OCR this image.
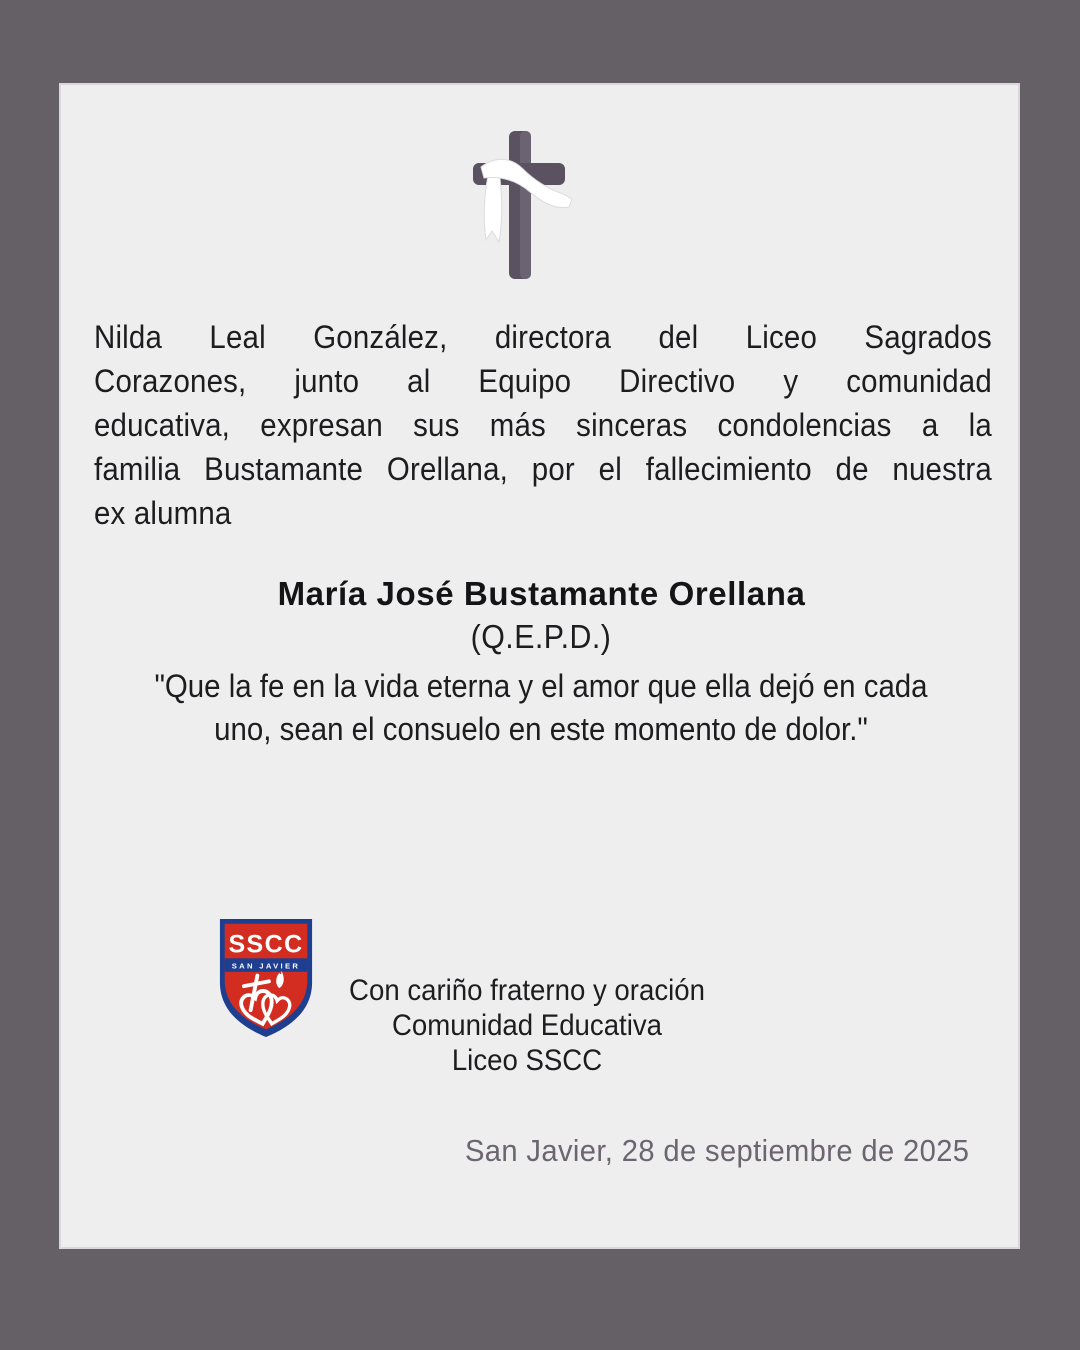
Nilda Leal González, directora del Liceo Sagrados
Corazones, junto al Equipo Directivo y comunidad
educativa, expresan sus más sinceras condolencias a la
familia Bustamante Orellana, por el fallecimiento de nuestra
ex alumna
María José Bustamante Orellana
(Q.E.P.D.)
"Que la fe en la vida eterna y el amor que ella dejó en cada
uno, sean el consuelo en este momento de dolor."
SSCC
SAN JAVIER
Con cariño fraterno y oración
Comunidad Educativa
Liceo SSCC
San Javier, 28 de septiembre de 2025
